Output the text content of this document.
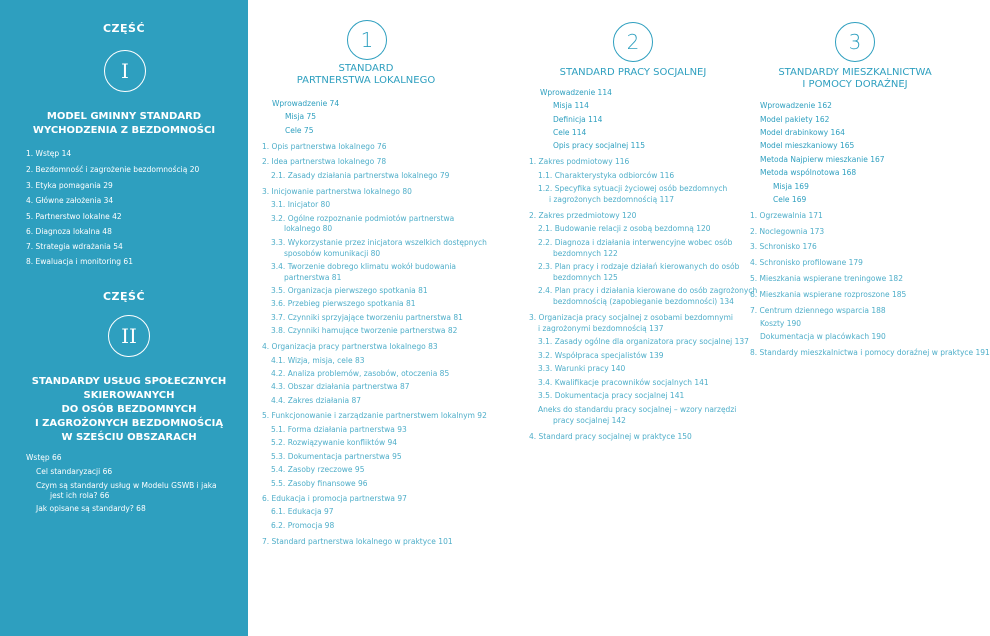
CZĘŚĆ
I
MODEL GMINNY STANDARD
WYCHODZENIA Z BEZDOMNOŚCI
1. Wstęp 14
2. Bezdomność i zagrożenie bezdomnością 20
3. Etyka pomagania 29
4. Główne założenia 34
5. Partnerstwo lokalne 42
6. Diagnoza lokalna 48
7. Strategia wdrażania 54
8. Ewaluacja i monitoring 61
CZĘŚĆ
II
STANDARDY USŁUG SPOŁECZNYCH
SKIEROWANYCH
DO OSÓB BEZDOMNYCH
I ZAGROŻONYCH BEZDOMNOŚCIĄ
W SZEŚCIU OBSZARACH
Wstęp 66
Cel standaryzacji 66
Czym są standardy usług w Modelu GSWB i jaka
jest ich rola? 66
Jak opisane są standardy? 68
1
STANDARD
PARTNERSTWA LOKALNEGO
Wprowadzenie 74
Misja 75
Cele 75
1. Opis partnerstwa lokalnego 76
2. Idea partnerstwa lokalnego 78
2.1. Zasady działania partnerstwa lokalnego 79
3. Inicjowanie partnerstwa lokalnego 80
3.1. Inicjator 80
3.2. Ogólne rozpoznanie podmiotów partnerstwa
lokalnego 80
3.3. Wykorzystanie przez inicjatora wszelkich dostępnych
sposobów komunikacji 80
3.4. Tworzenie dobrego klimatu wokół budowania
partnerstwa 81
3.5. Organizacja pierwszego spotkania 81
3.6. Przebieg pierwszego spotkania 81
3.7. Czynniki sprzyjające tworzeniu partnerstwa 81
3.8. Czynniki hamujące tworzenie partnerstwa 82
4. Organizacja pracy partnerstwa lokalnego 83
4.1. Wizja, misja, cele 83
4.2. Analiza problemów, zasobów, otoczenia 85
4.3. Obszar działania partnerstwa 87
4.4. Zakres działania 87
5. Funkcjonowanie i zarządzanie partnerstwem lokalnym 92
5.1. Forma działania partnerstwa 93
5.2. Rozwiązywanie konfliktów 94
5.3. Dokumentacja partnerstwa 95
5.4. Zasoby rzeczowe 95
5.5. Zasoby finansowe 96
6. Edukacja i promocja partnerstwa 97
6.1. Edukacja 97
6.2. Promocja 98
7. Standard partnerstwa lokalnego w praktyce 101
2
STANDARD PRACY SOCJALNEJ
Wprowadzenie 114
Misja 114
Definicja 114
Cele 114
Opis pracy socjalnej 115
1. Zakres podmiotowy 116
1.1. Charakterystyka odbiorców 116
1.2. Specyfika sytuacji życiowej osób bezdomnych
i zagrożonych bezdomnością 117
2. Zakres przedmiotowy 120
2.1. Budowanie relacji z osobą bezdomną 120
2.2. Diagnoza i działania interwencyjne wobec osób
bezdomnych 122
2.3. Plan pracy i rodzaje działań kierowanych do osób
bezdomnych 125
2.4. Plan pracy i działania kierowane do osób zagrożonych
bezdomnością (zapobieganie bezdomności) 134
3. Organizacja pracy socjalnej z osobami bezdomnymi
i zagrożonymi bezdomnością 137
3.1. Zasady ogólne dla organizatora pracy socjalnej 137
3.2. Współpraca specjalistów 139
3.3. Warunki pracy 140
3.4. Kwalifikacje pracowników socjalnych 141
3.5. Dokumentacja pracy socjalnej 141
Aneks do standardu pracy socjalnej – wzory narzędzi
pracy socjalnej 142
4. Standard pracy socjalnej w praktyce 150
3
STANDARDY MIESZKALNICTWA
I POMOCY DORAŹNEJ
Wprowadzenie 162
Model pakiety 162
Model drabinkowy 164
Model mieszkaniowy 165
Metoda Najpierw mieszkanie 167
Metoda wspólnotowa 168
Misja 169
Cele 169
1. Ogrzewalnia 171
2. Noclegownia 173
3. Schronisko 176
4. Schronisko profilowane 179
5. Mieszkania wspierane treningowe 182
6. Mieszkania wspierane rozproszone 185
7. Centrum dziennego wsparcia 188
Koszty 190
Dokumentacja w placówkach 190
8. Standardy mieszkalnictwa i pomocy doraźnej w praktyce 191
